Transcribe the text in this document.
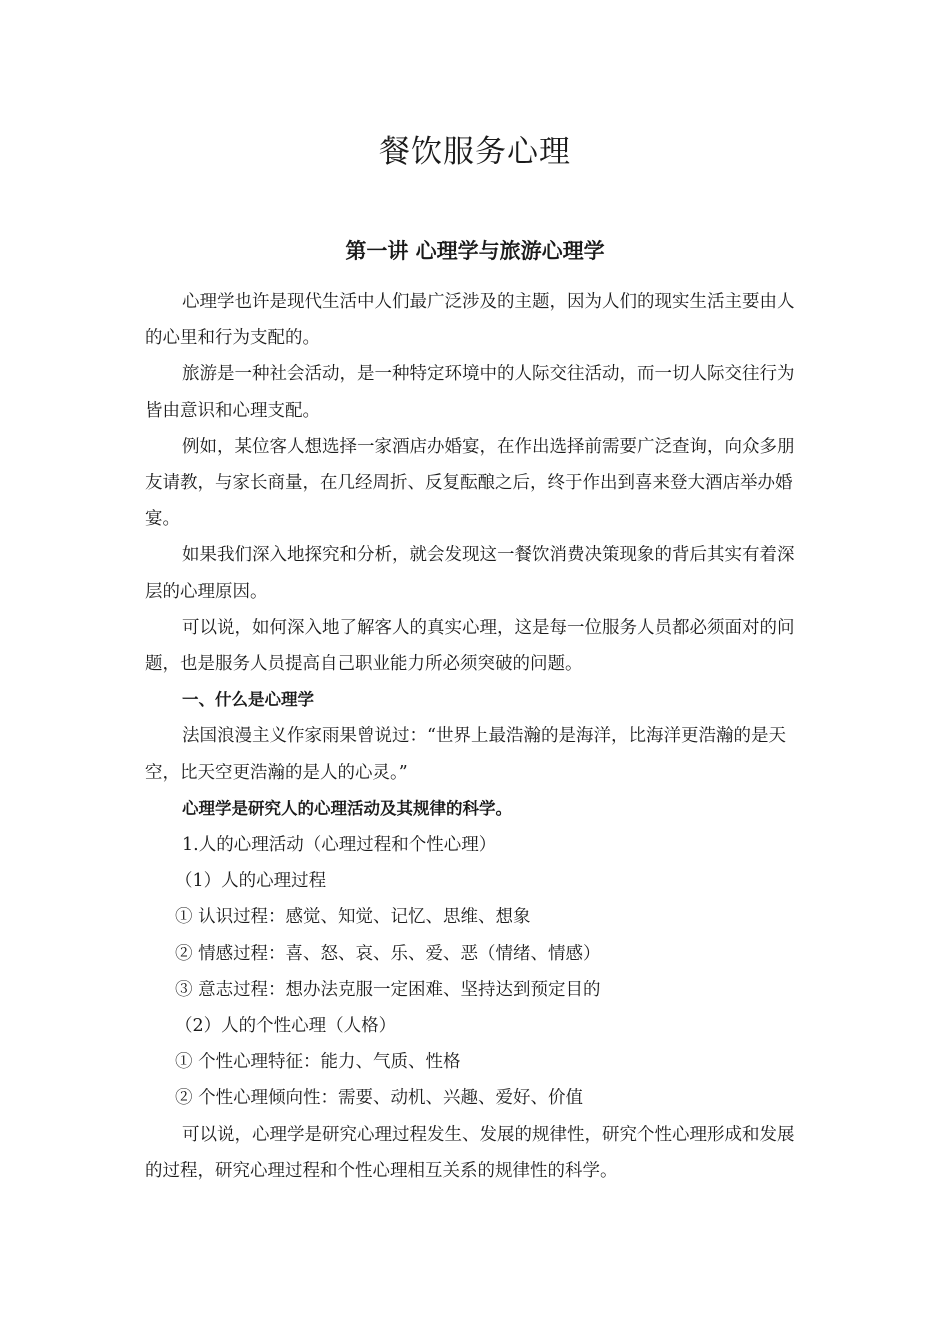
餐饮服务心理
第一讲 心理学与旅游心理学

心理学也许是现代生活中人们最广泛涉及的主题，因为人们的现实生活主要由人的心里和行为支配的。

旅游是一种社会活动，是一种特定环境中的人际交往活动，而一切人际交往行为皆由意识和心理支配。

例如，某位客人想选择一家酒店办婚宴，在作出选择前需要广泛查询，向众多朋友请教，与家长商量，在几经周折、反复酝酿之后，终于作出到喜来登大酒店举办婚宴。

如果我们深入地探究和分析，就会发现这一餐饮消费决策现象的背后其实有着深层的心理原因。

可以说，如何深入地了解客人的真实心理，这是每一位服务人员都必须面对的问题，也是服务人员提高自己职业能力所必须突破的问题。

一、什么是心理学

法国浪漫主义作家雨果曾说过：“世界上最浩瀚的是海洋，比海洋更浩瀚的是天空，比天空更浩瀚的是人的心灵。”

心理学是研究人的心理活动及其规律的科学。

1.人的心理活动（心理过程和个性心理）

（1）人的心理过程

① 认识过程：感觉、知觉、记忆、思维、想象

② 情感过程：喜、怒、哀、乐、爱、恶（情绪、情感）

③ 意志过程：想办法克服一定困难、坚持达到预定目的

（2）人的个性心理（人格）

① 个性心理特征：能力、气质、性格

② 个性心理倾向性：需要、动机、兴趣、爱好、价值

可以说，心理学是研究心理过程发生、发展的规律性，研究个性心理形成和发展的过程，研究心理过程和个性心理相互关系的规律性的科学。
